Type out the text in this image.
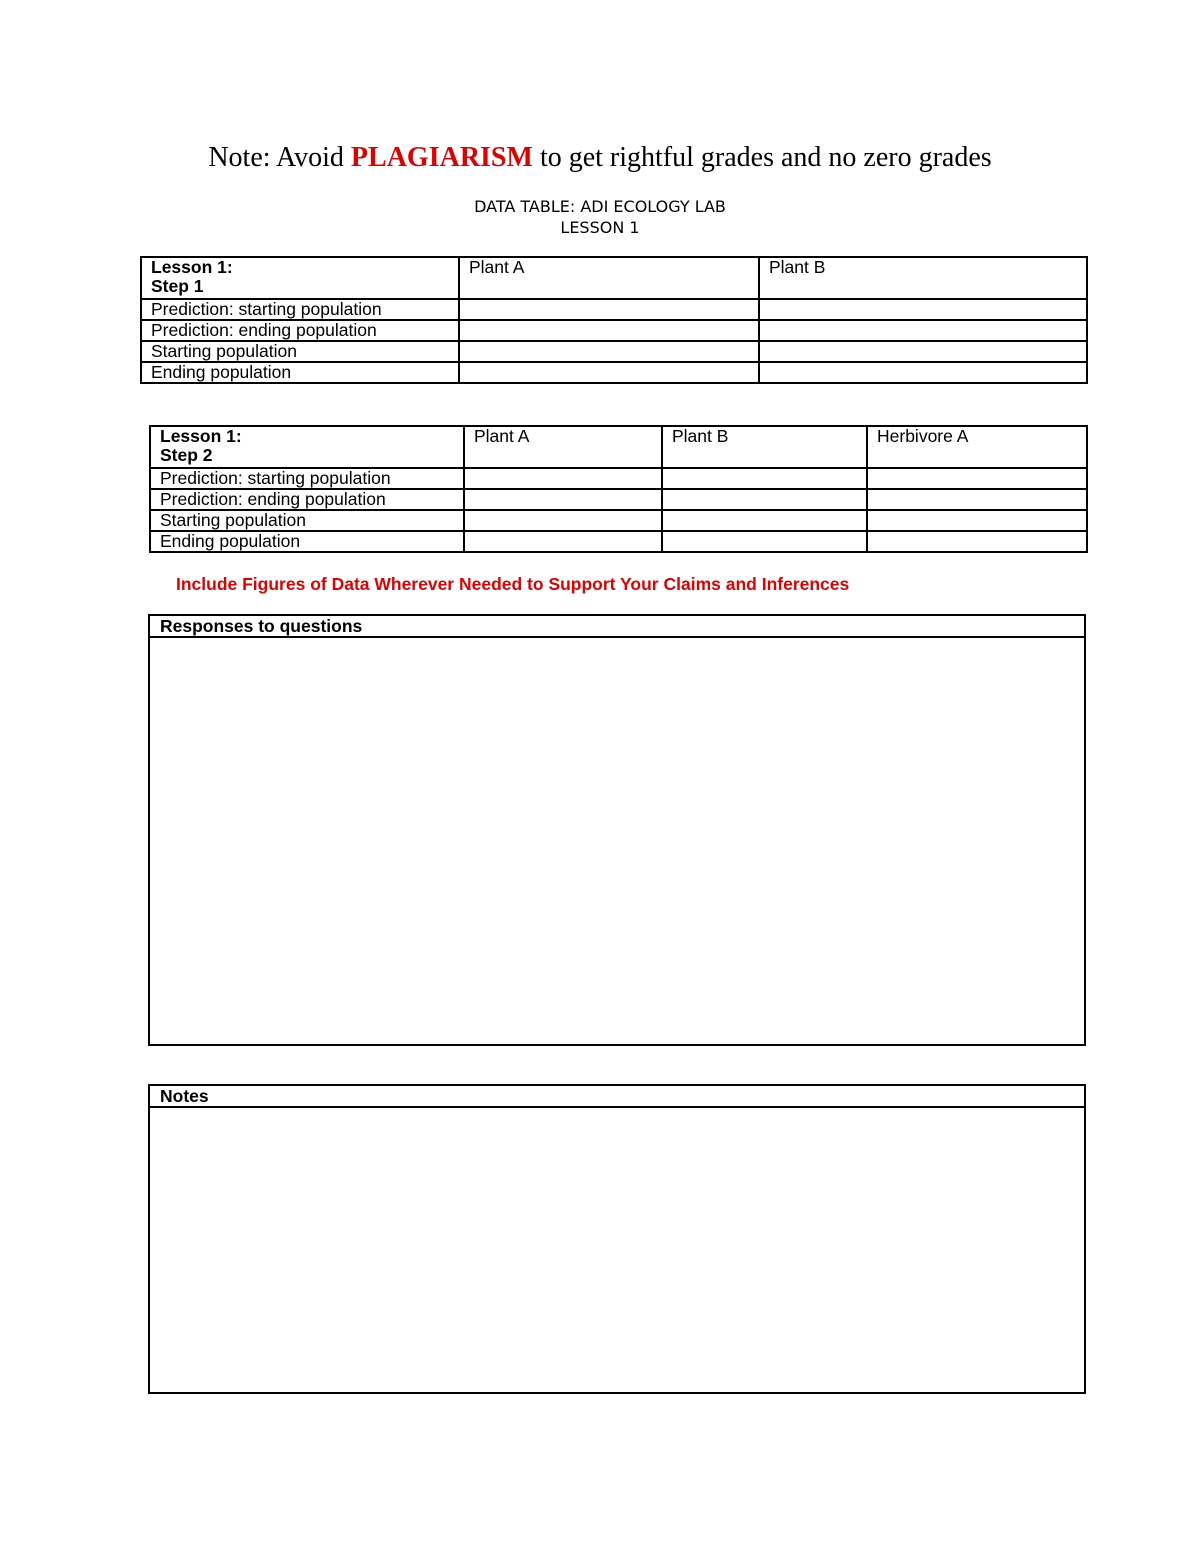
Note: Avoid PLAGIARISM to get rightful grades and no zero grades
DATA TABLE: ADI ECOLOGY LAB
LESSON 1
Lesson 1:
Step 1	Plant A	Plant B
Prediction: starting population		
Prediction: ending population		
Starting population		
Ending population		
Lesson 1:
Step 2	Plant A	Plant B	Herbivore A
Prediction: starting population			
Prediction: ending population			
Starting population			
Ending population			
Include Figures of Data Wherever Needed to Support Your Claims and Inferences
Responses to questions
Notes
